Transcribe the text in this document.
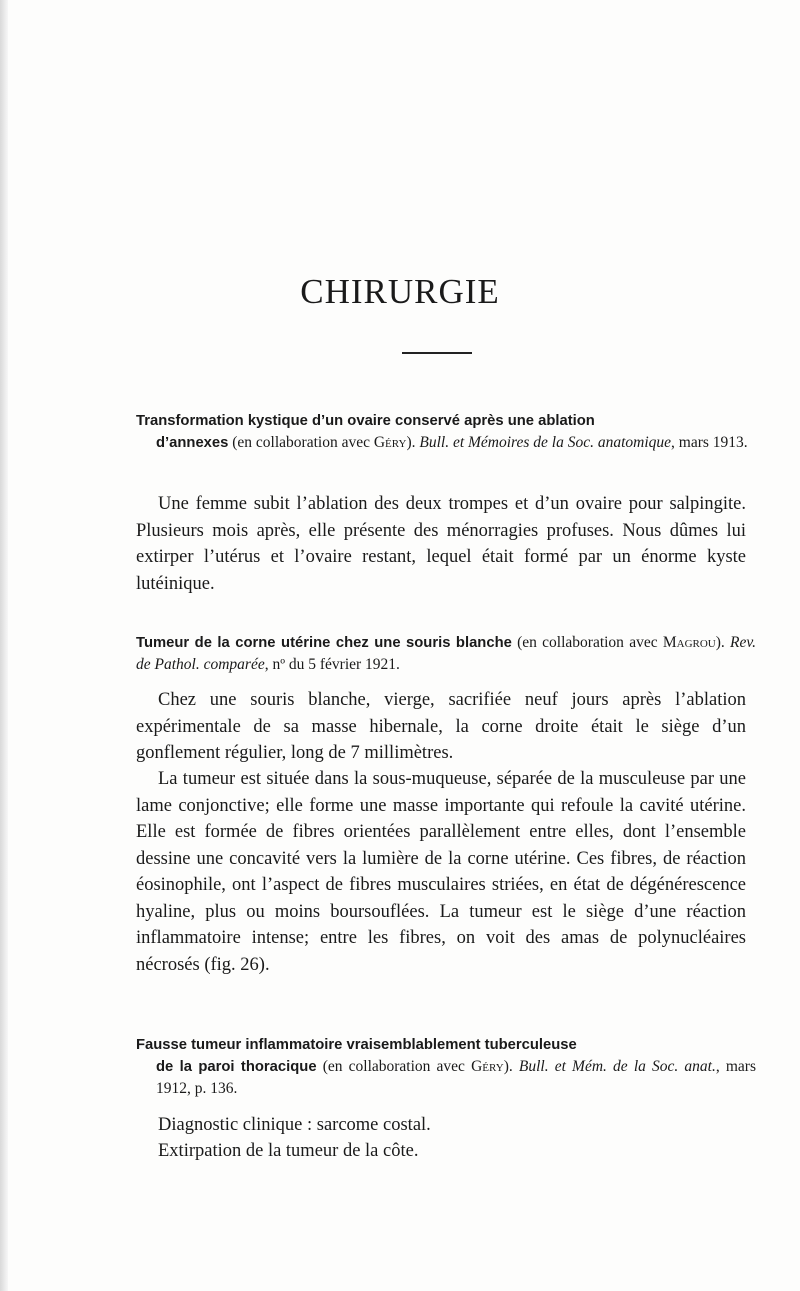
CHIRURGIE

Transformation kystique d’un ovaire conservé après une ablation
d’annexes (en collaboration avec Géry). Bull. et Mémoires de la Soc. anatomique, mars 1913.

Une femme subit l’ablation des deux trompes et d’un ovaire pour salpingite. Plusieurs mois après, elle présente des ménorragies profuses. Nous dûmes lui extirper l’utérus et l’ovaire restant, lequel était formé par un énorme kyste lutéinique.

Tumeur de la corne utérine chez une souris blanche (en collaboration avec Magrou). Rev. de Pathol. comparée, nº du 5 février 1921.

Chez une souris blanche, vierge, sacrifiée neuf jours après l’ablation expérimentale de sa masse hibernale, la corne droite était le siège d’un gonflement régulier, long de 7 millimètres.

La tumeur est située dans la sous-muqueuse, séparée de la musculeuse par une lame conjonctive; elle forme une masse importante qui refoule la cavité utérine. Elle est formée de fibres orientées parallèlement entre elles, dont l’ensemble dessine une concavité vers la lumière de la corne utérine. Ces fibres, de réaction éosinophile, ont l’aspect de fibres musculaires striées, en état de dégénérescence hyaline, plus ou moins boursouflées. La tumeur est le siège d’une réaction inflammatoire intense; entre les fibres, on voit des amas de polynucléaires nécrosés (fig. 26).

Fausse tumeur inflammatoire vraisemblablement tuberculeuse
de la paroi thoracique (en collaboration avec Géry). Bull. et Mém. de la Soc. anat., mars 1912, p. 136.

Diagnostic clinique : sarcome costal.

Extirpation de la tumeur de la côte.
